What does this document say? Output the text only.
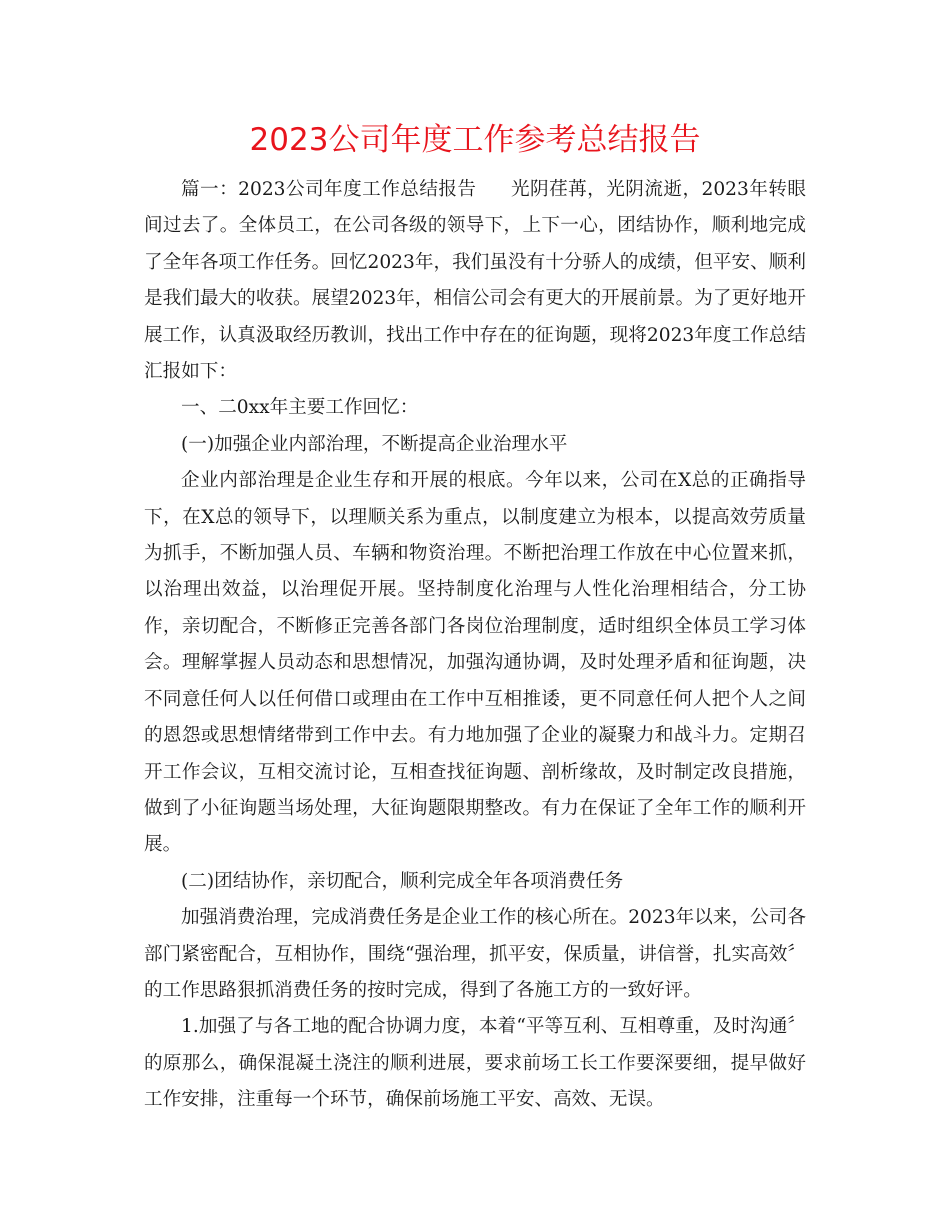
2023公司年度工作参考总结报告

篇一：2023公司年度工作总结报告 光阴荏苒，光阴流逝，2023年转眼间过去了。全体员工，在公司各级的领导下，上下一心，团结协作，顺利地完成了全年各项工作任务。回忆2023年，我们虽没有十分骄人的成绩，但平安、顺利是我们最大的收获。展望2023年，相信公司会有更大的开展前景。为了更好地开展工作，认真汲取经历教训，找出工作中存在的征询题，现将2023年度工作总结汇报如下：

一、二0xx年主要工作回忆：

(一)加强企业内部治理，不断提高企业治理水平

企业内部治理是企业生存和开展的根底。今年以来，公司在X总的正确指导下，在X总的领导下，以理顺关系为重点，以制度建立为根本，以提高效劳质量为抓手，不断加强人员、车辆和物资治理。不断把治理工作放在中心位置来抓，以治理出效益，以治理促开展。坚持制度化治理与人性化治理相结合，分工协作，亲切配合，不断修正完善各部门各岗位治理制度，适时组织全体员工学习体会。理解掌握人员动态和思想情况，加强沟通协调，及时处理矛盾和征询题，决不同意任何人以任何借口或理由在工作中互相推诿，更不同意任何人把个人之间的恩怨或思想情绪带到工作中去。有力地加强了企业的凝聚力和战斗力。定期召开工作会议，互相交流讨论，互相查找征询题、剖析缘故，及时制定改良措施，做到了小征询题当场处理，大征询题限期整改。有力在保证了全年工作的顺利开展。

(二)团结协作，亲切配合，顺利完成全年各项消费任务

加强消费治理，完成消费任务是企业工作的核心所在。2023年以来，公司各部门紧密配合，互相协作，围绕“强治理，抓平安，保质量，讲信誉，扎实高效〞的工作思路狠抓消费任务的按时完成，得到了各施工方的一致好评。

1.加强了与各工地的配合协调力度，本着“平等互利、互相尊重，及时沟通〞的原那么，确保混凝土浇注的顺利进展，要求前场工长工作要深要细，提早做好工作安排，注重每一个环节，确保前场施工平安、高效、无误。
